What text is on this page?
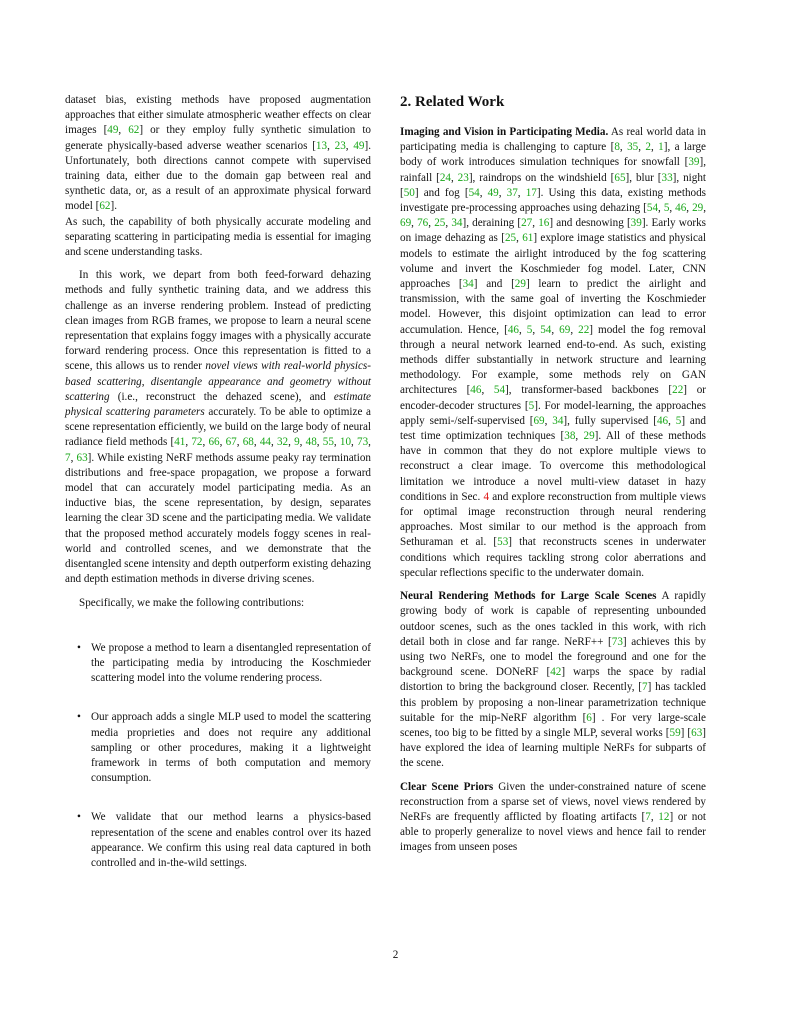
dataset bias, existing methods have proposed augmentation approaches that either simulate atmospheric weather effects on clear images [49, 62] or they employ fully synthetic simulation to generate physically-based adverse weather scenarios [13, 23, 49]. Unfortunately, both directions cannot compete with supervised training data, either due to the domain gap between real and synthetic data, or, as a result of an approximate physical forward model [62].

As such, the capability of both physically accurate modeling and separating scattering in participating media is essential for imaging and scene understanding tasks.

In this work, we depart from both feed-forward dehazing methods and fully synthetic training data, and we address this challenge as an inverse rendering problem. Instead of predicting clean images from RGB frames, we propose to learn a neural scene representation that explains foggy images with a physically accurate forward rendering process. Once this representation is fitted to a scene, this allows us to render novel views with real-world physics-based scattering, disentangle appearance and geometry without scattering (i.e., reconstruct the dehazed scene), and estimate physical scattering parameters accurately. To be able to optimize a scene representation efficiently, we build on the large body of neural radiance field methods [41, 72, 66, 67, 68, 44, 32, 9, 48, 55, 10, 73, 7, 63]. While existing NeRF methods assume peaky ray termination distributions and free-space propagation, we propose a forward model that can accurately model participating media. As an inductive bias, the scene representation, by design, separates learning the clear 3D scene and the participating media. We validate that the proposed method accurately models foggy scenes in real-world and controlled scenes, and we demonstrate that the disentangled scene intensity and depth outperform existing dehazing and depth estimation methods in diverse driving scenes.

Specifically, we make the following contributions:

• We propose a method to learn a disentangled representation of the participating media by introducing the Koschmieder scattering model into the volume rendering process.
• Our approach adds a single MLP used to model the scattering media proprieties and does not require any additional sampling or other procedures, making it a lightweight framework in terms of both computation and memory consumption.
• We validate that our method learns a physics-based representation of the scene and enables control over its hazed appearance. We confirm this using real data captured in both controlled and in-the-wild settings.
2. Related Work

Imaging and Vision in Participating Media. As real world data in participating media is challenging to capture [8, 35, 2, 1], a large body of work introduces simulation techniques for snowfall [39], rainfall [24, 23], raindrops on the windshield [65], blur [33], night [50] and fog [54, 49, 37, 17]. Using this data, existing methods investigate pre-processing approaches using dehazing [54, 5, 46, 29, 69, 76, 25, 34], deraining [27, 16] and desnowing [39]. Early works on image dehazing as [25, 61] explore image statistics and physical models to estimate the airlight introduced by the fog scattering volume and invert the Koschmieder fog model. Later, CNN approaches [34] and [29] learn to predict the airlight and transmission, with the same goal of inverting the Koschmieder model. However, this disjoint optimization can lead to error accumulation. Hence, [46, 5, 54, 69, 22] model the fog removal through a neural network learned end-to-end. As such, existing methods differ substantially in network structure and learning methodology. For example, some methods rely on GAN architectures [46, 54], transformer-based backbones [22] or encoder-decoder structures [5]. For model-learning, the approaches apply semi-/self-supervised [69, 34], fully supervised [46, 5] and test time optimization techniques [38, 29]. All of these methods have in common that they do not explore multiple views to reconstruct a clear image. To overcome this methodological limitation we introduce a novel multi-view dataset in hazy conditions in Sec. 4 and explore reconstruction from multiple views for optimal image reconstruction through neural rendering approaches. Most similar to our method is the approach from Sethuraman et al. [53] that reconstructs scenes in underwater conditions which requires tackling strong color aberrations and specular reflections specific to the underwater domain.

Neural Rendering Methods for Large Scale Scenes A rapidly growing body of work is capable of representing unbounded outdoor scenes, such as the ones tackled in this work, with rich detail both in close and far range. NeRF++ [73] achieves this by using two NeRFs, one to model the foreground and one for the background scene. DONeRF [42] warps the space by radial distortion to bring the background closer. Recently, [7] has tackled this problem by proposing a non-linear parametrization technique suitable for the mip-NeRF algorithm [6] . For very large-scale scenes, too big to be fitted by a single MLP, several works [59] [63] have explored the idea of learning multiple NeRFs for subparts of the scene.

Clear Scene Priors Given the under-constrained nature of scene reconstruction from a sparse set of views, novel views rendered by NeRFs are frequently afflicted by floating artifacts [7, 12] or not able to properly generalize to novel views and hence fail to render images from unseen poses

2
